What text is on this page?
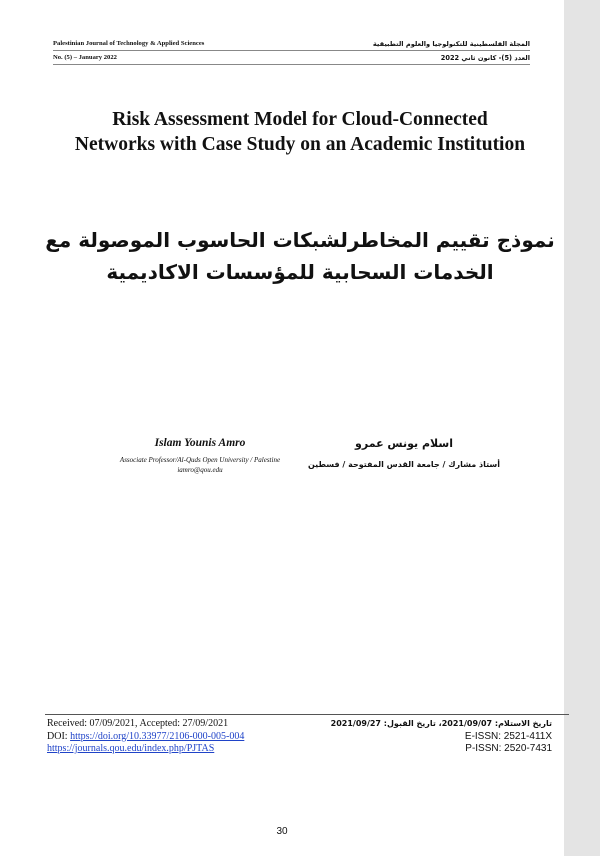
Palestinian Journal of Technology & Applied Sciences
No. (5) – January 2022
المجلة الفلسطينية للتكنولوجيا والعلوم التطبيقية
العدد (5)- كانون ثاني 2022
Risk Assessment Model for Cloud-Connected Networks with Case Study on an Academic Institution
نموذج تقييم المخاطرلشبكات الحاسوب الموصولة مع الخدمات السحابية للمؤسسات الاكاديمية
Islam Younis Amro
Associate Professor/Al-Quds Open University / Palestine
iamro@qou.edu
اسلام يونس عمرو
أستاذ مشارك / جامعة القدس المفتوحة / فسطين
Received: 07/09/2021, Accepted: 27/09/2021
DOI: https://doi.org/10.33977/2106-000-005-004
https://journals.qou.edu/index.php/PJTAS
تاريخ الاستلام: 2021/09/07، تاريخ القبول: 2021/09/27
E-ISSN: 2521-411X
P-ISSN: 2520-7431
30
